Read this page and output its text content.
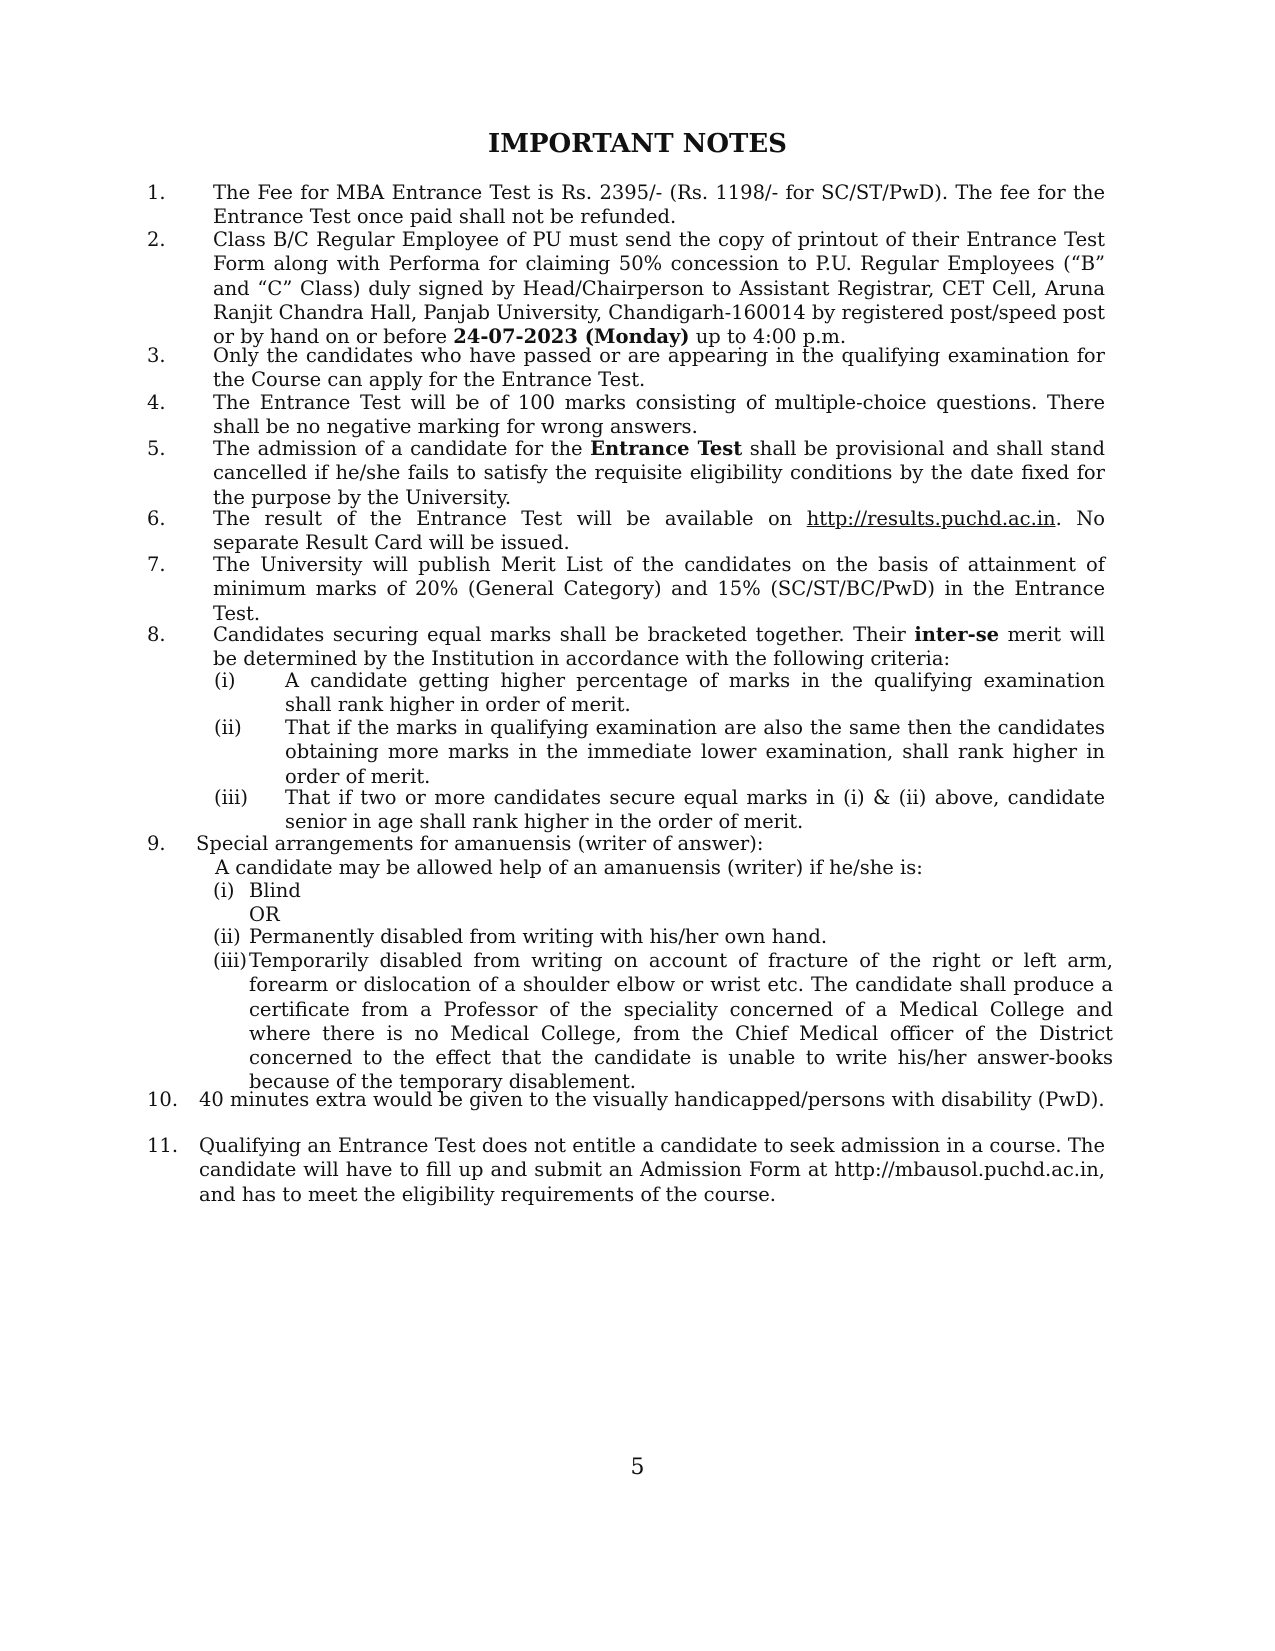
IMPORTANT NOTES
1. The Fee for MBA Entrance Test is Rs. 2395/- (Rs. 1198/- for SC/ST/PwD). The fee for the Entrance Test once paid shall not be refunded.
2. Class B/C Regular Employee of PU must send the copy of printout of their Entrance Test Form along with Performa for claiming 50% concession to P.U. Regular Employees (“B” and “C” Class) duly signed by Head/Chairperson to Assistant Registrar, CET Cell, Aruna Ranjit Chandra Hall, Panjab University, Chandigarh-160014 by registered post/speed post or by hand on or before 24-07-2023 (Monday) up to 4:00 p.m.
3. Only the candidates who have passed or are appearing in the qualifying examination for the Course can apply for the Entrance Test.
4. The Entrance Test will be of 100 marks consisting of multiple-choice questions. There shall be no negative marking for wrong answers.
5. The admission of a candidate for the Entrance Test shall be provisional and shall stand cancelled if he/she fails to satisfy the requisite eligibility conditions by the date fixed for the purpose by the University.
6. The result of the Entrance Test will be available on http://results.puchd.ac.in. No separate Result Card will be issued.
7. The University will publish Merit List of the candidates on the basis of attainment of minimum marks of 20% (General Category) and 15% (SC/ST/BC/PwD) in the Entrance Test.
8. Candidates securing equal marks shall be bracketed together. Their inter-se merit will be determined by the Institution in accordance with the following criteria:
(i)	A candidate getting higher percentage of marks in the qualifying examination shall rank higher in order of merit.
(ii) That if the marks in qualifying examination are also the same then the candidates obtaining more marks in the immediate lower examination, shall rank higher in order of merit.
(iii) That if two or more candidates secure equal marks in (i) & (ii) above, candidate senior in age shall rank higher in the order of merit.
9. Special arrangements for amanuensis (writer of answer):
A candidate may be allowed help of an amanuensis (writer) if he/she is:
(i) Blind
OR
(ii) Permanently disabled from writing with his/her own hand.
(iii) Temporarily disabled from writing on account of fracture of the right or left arm, forearm or dislocation of a shoulder elbow or wrist etc. The candidate shall produce a certificate from a Professor of the speciality concerned of a Medical College and where there is no Medical College, from the Chief Medical officer of the District concerned to the effect that the candidate is unable to write his/her answer-books because of the temporary disablement.
10. 40 minutes extra would be given to the visually handicapped/persons with disability (PwD).
11. Qualifying an Entrance Test does not entitle a candidate to seek admission in a course. The candidate will have to fill up and submit an Admission Form at http://mbausol.puchd.ac.in, and has to meet the eligibility requirements of the course.
5
